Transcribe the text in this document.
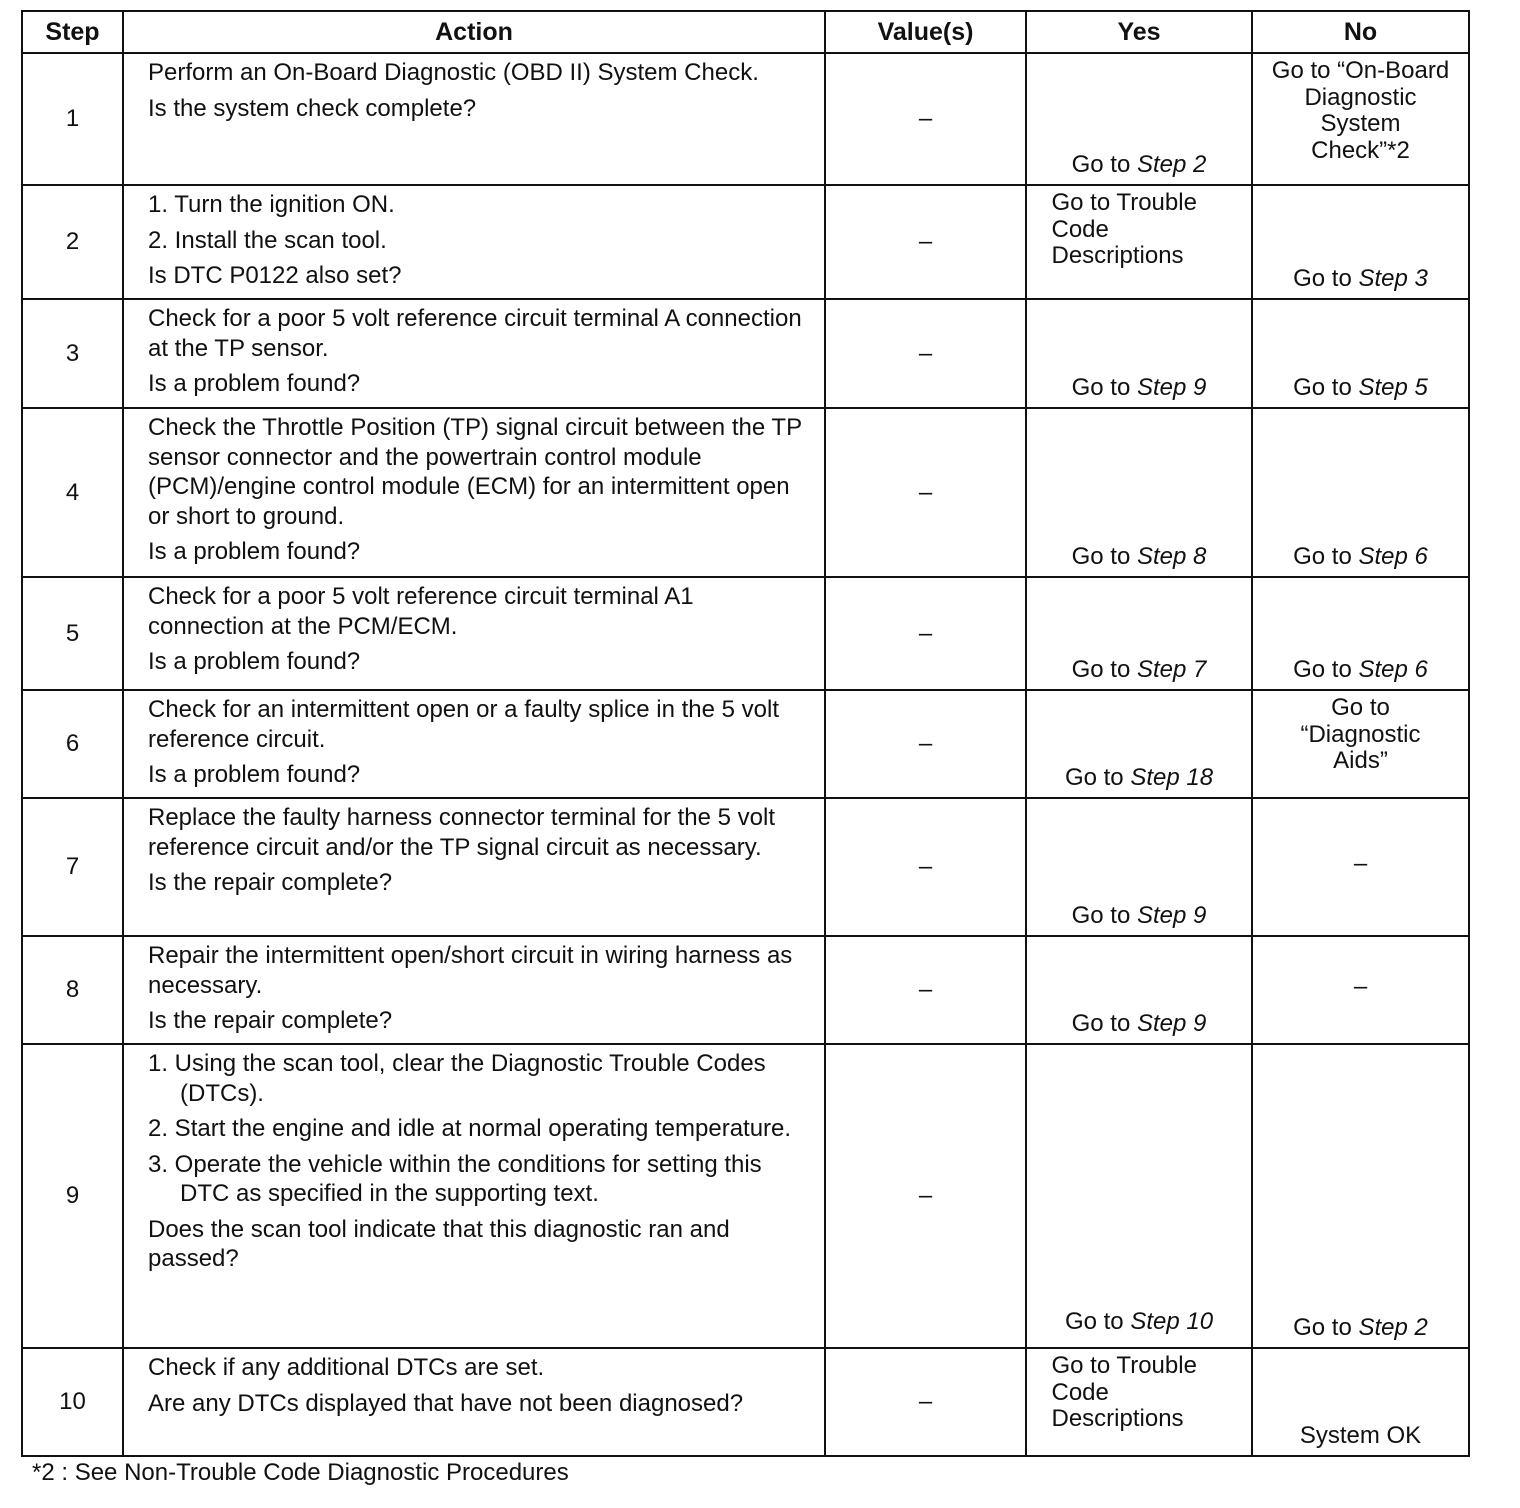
Step	Action	Value(s)	Yes	No
1	Perform an On-Board Diagnostic (OBD II) System Check.

Is the system check complete?	–	Go to Step 2	Go to “On-Board Diagnostic System Check”*2

2	1. Turn the ignition ON.

2. Install the scan tool.

Is DTC P0122 also set?	–	Go to Trouble Code Descriptions	Go to Step 3
3	Check for a poor 5 volt reference circuit terminal A connection at the TP sensor.

Is a problem found?	–	Go to Step 9	Go to Step 5
4	Check the Throttle Position (TP) signal circuit between the TP sensor connector and the powertrain control module (PCM)/engine control module (ECM) for an intermittent open or short to ground.

Is a problem found?	–	Go to Step 8	Go to Step 6
5	Check for a poor 5 volt reference circuit terminal A1 connection at the PCM/ECM.

Is a problem found?	–	Go to Step 7	Go to Step 6
6	Check for an intermittent open or a faulty splice in the 5 volt reference circuit.

Is a problem found?	–	Go to Step 18	Go to “Diagnostic Aids”

7	Replace the faulty harness connector terminal for the 5 volt reference circuit and/or the TP signal circuit as necessary.

Is the repair complete?	–	Go to Step 9	–
8	Repair the intermittent open/short circuit in wiring harness as necessary.

Is the repair complete?	–	Go to Step 9	–
9	1. Using the scan tool, clear the Diagnostic Trouble Codes (DTCs).

2. Start the engine and idle at normal operating temperature.

3. Operate the vehicle within the conditions for setting this DTC as specified in the supporting text.

Does the scan tool indicate that this diagnostic ran and passed?	–	Go to Step 10	Go to Step 2
10	Check if any additional DTCs are set.

Are any DTCs displayed that have not been diagnosed?	–	Go to Trouble Code Descriptions	System OK

*2 : See Non-Trouble Code Diagnostic Procedures
